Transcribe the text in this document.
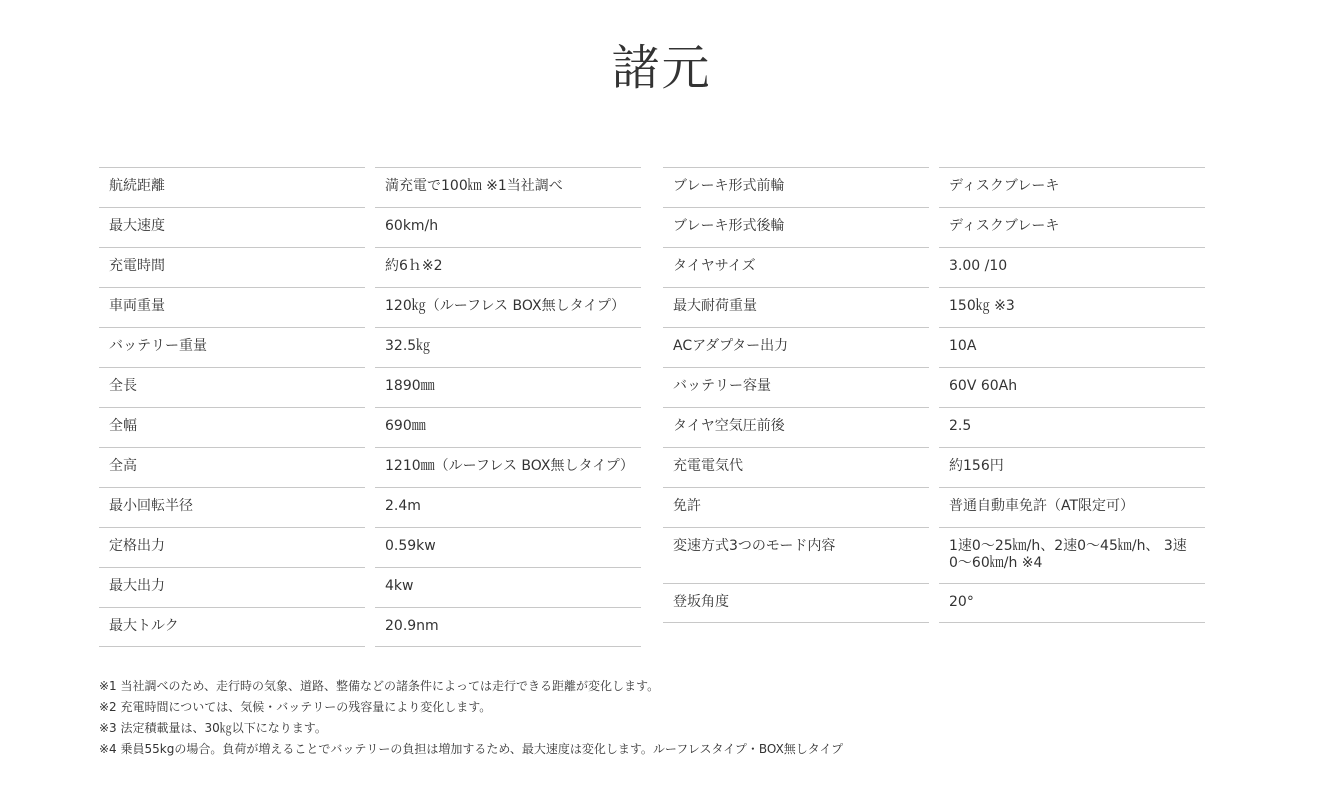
諸元
航続距離	満充電で100㎞ ※1当社調べ
最大速度	60km/h
充電時間	約6ｈ※2
車両重量	120㎏（ルーフレス BOX無しタイプ）
バッテリー重量	32.5㎏
全長	1890㎜
全幅	690㎜
全高	1210㎜（ルーフレス BOX無しタイプ）
最小回転半径	2.4m
定格出力	0.59kw
最大出力	4kw
最大トルク	20.9nm
ブレーキ形式前輪	ディスクブレーキ
ブレーキ形式後輪	ディスクブレーキ
タイヤサイズ	3.00 /10
最大耐荷重量	150㎏ ※3
ACアダプター出力	10A
バッテリー容量	60V 60Ah
タイヤ空気圧前後	2.5
充電電気代	約156円
免許	普通自動車免許（AT限定可）
変速方式3つのモード内容	1速0～25㎞/h、2速0～45㎞/h、 3速0～60㎞/h ※4
登坂角度	20°

※1 当社調べのため、走行時の気象、道路、整備などの諸条件によっては走行できる距離が変化します。

※2 充電時間については、気候・バッテリーの残容量により変化します。

※3 法定積載量は、30㎏以下になります。

※4 乗員55kgの場合。負荷が増えることでバッテリーの負担は増加するため、最大速度は変化します。ルーフレスタイプ・BOX無しタイプ
